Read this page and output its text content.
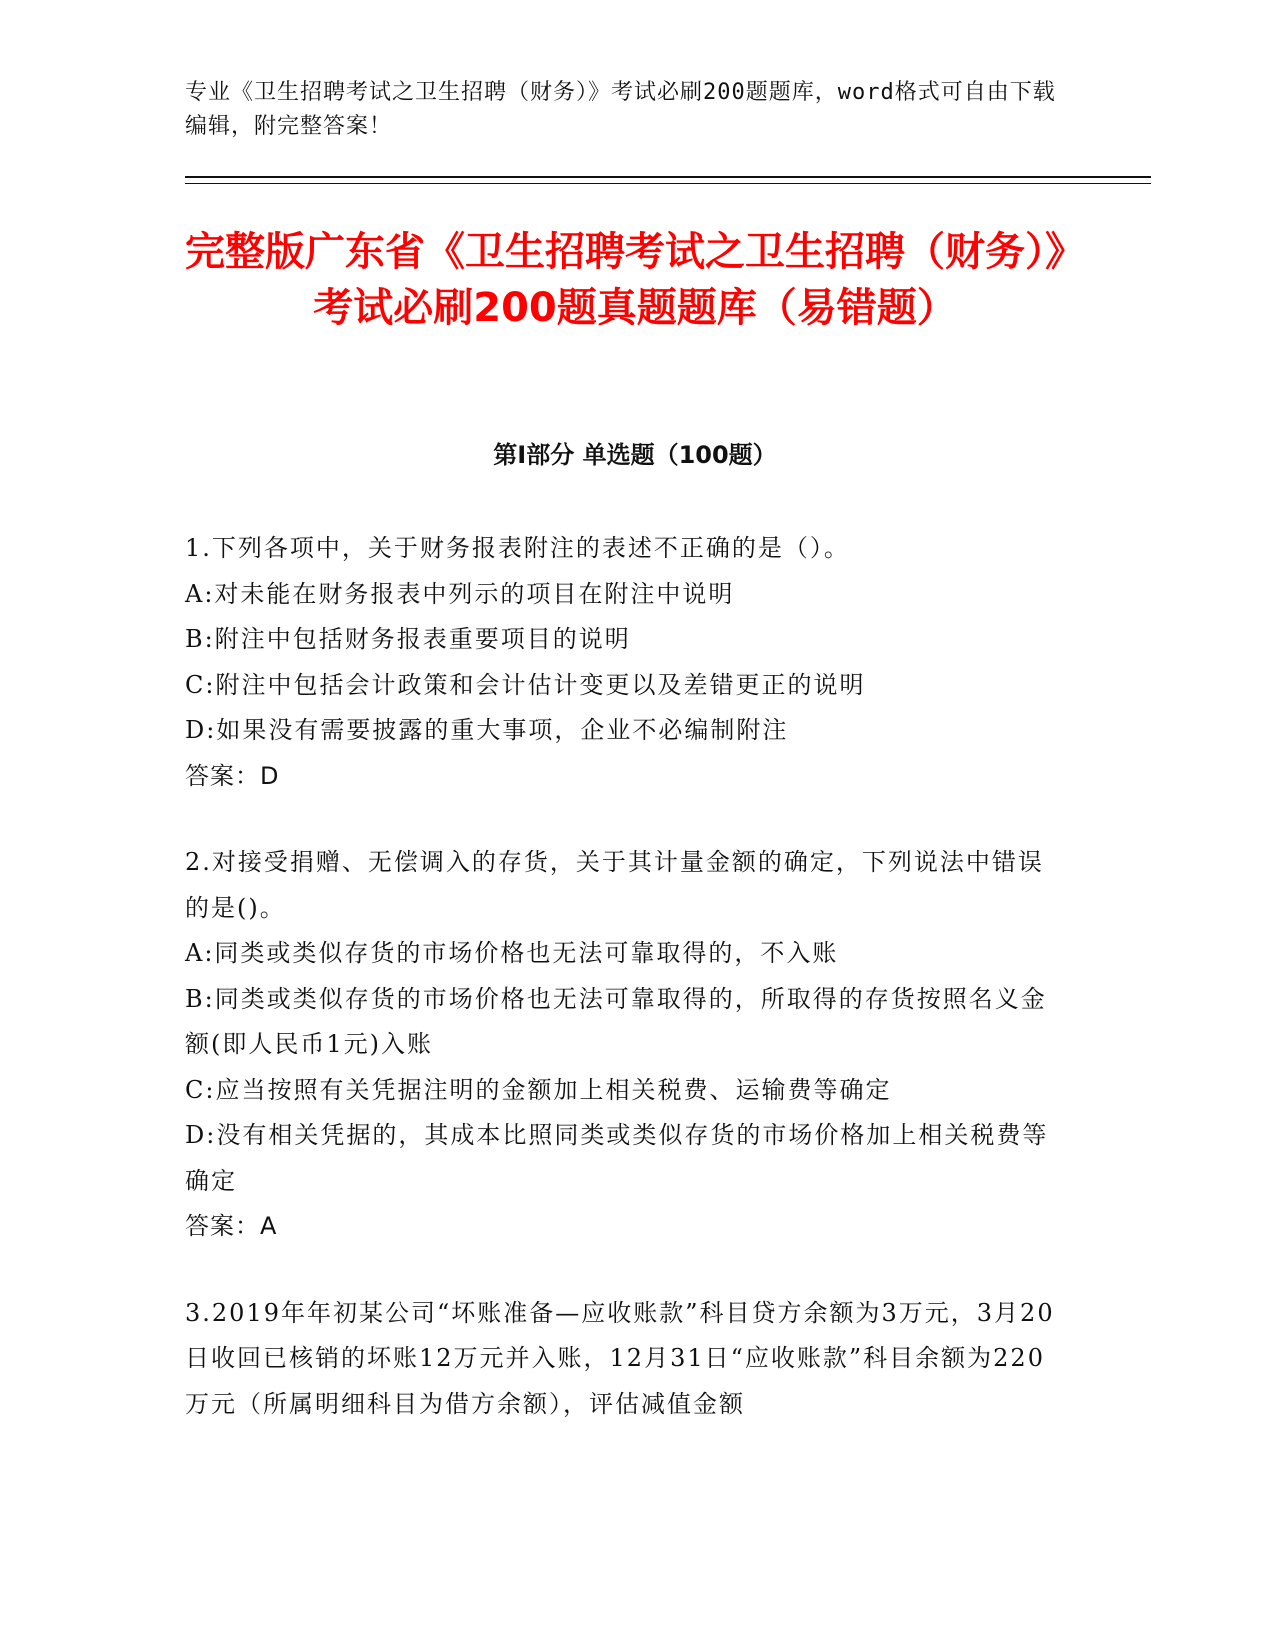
专业《卫生招聘考试之卫生招聘（财务）》考试必刷200题题库，word格式可自由下载编辑，附完整答案！
完整版广东省《卫生招聘考试之卫生招聘（财务）》考试必刷200题真题题库（易错题）
第I部分 单选题（100题）
1.下列各项中，关于财务报表附注的表述不正确的是（）。
A:对未能在财务报表中列示的项目在附注中说明
B:附注中包括财务报表重要项目的说明
C:附注中包括会计政策和会计估计变更以及差错更正的说明
D:如果没有需要披露的重大事项，企业不必编制附注
答案：D
2.对接受捐赠、无偿调入的存货，关于其计量金额的确定，下列说法中错误的是()。
A:同类或类似存货的市场价格也无法可靠取得的，不入账
B:同类或类似存货的市场价格也无法可靠取得的，所取得的存货按照名义金额(即人民币1元)入账
C:应当按照有关凭据注明的金额加上相关税费、运输费等确定
D:没有相关凭据的，其成本比照同类或类似存货的市场价格加上相关税费等确定
答案：A
3.2019年年初某公司“坏账准备—应收账款”科目贷方余额为3万元，3月20日收回已核销的坏账12万元并入账，12月31日“应收账款”科目余额为220万元（所属明细科目为借方余额），评估减值金额
